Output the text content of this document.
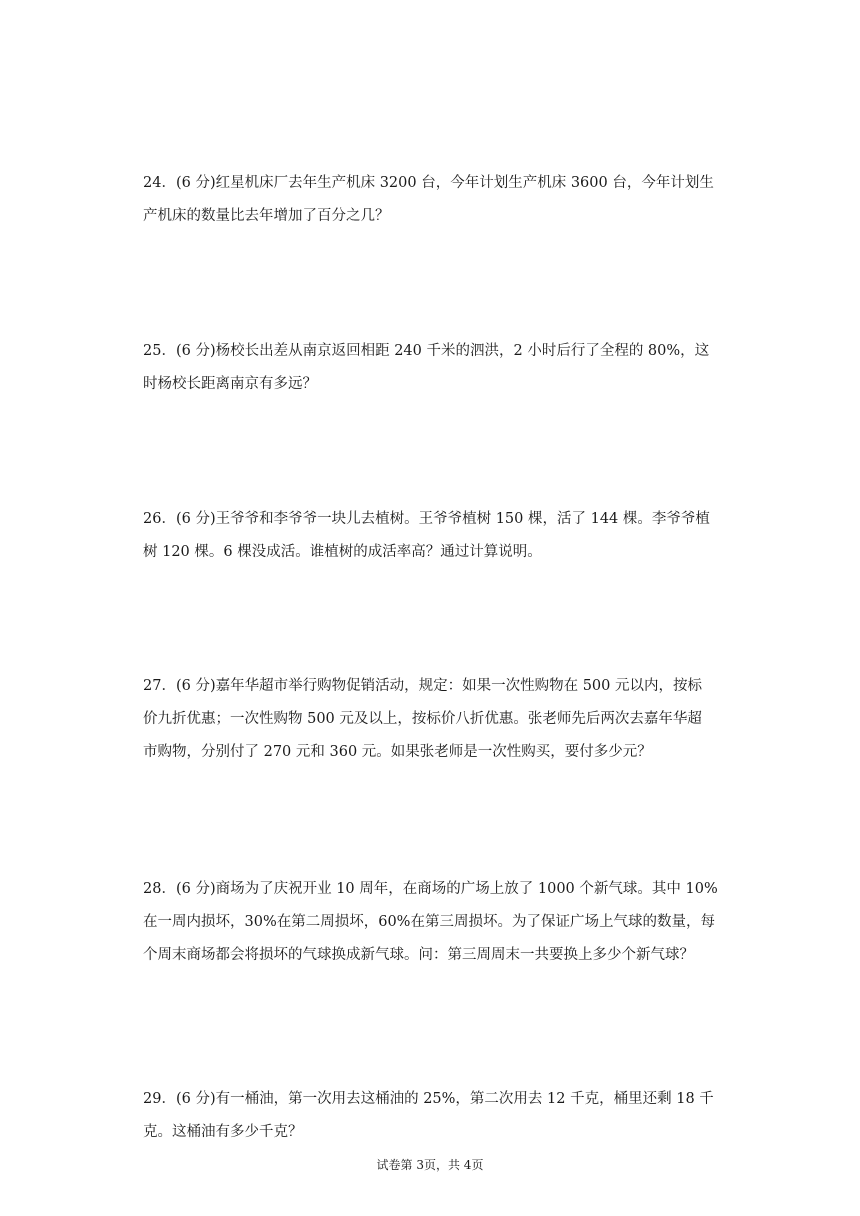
24．(6 分)红星机床厂去年生产机床 3200 台，今年计划生产机床 3600 台，今年计划生
产机床的数量比去年增加了百分之几？
25．(6 分)杨校长出差从南京返回相距 240 千米的泗洪，2 小时后行了全程的 80%，这
时杨校长距离南京有多远？
26．(6 分)王爷爷和李爷爷一块儿去植树。王爷爷植树 150 棵，活了 144 棵。李爷爷植
树 120 棵。6 棵没成活。谁植树的成活率高？通过计算说明。
27．(6 分)嘉年华超市举行购物促销活动，规定：如果一次性购物在 500 元以内，按标
价九折优惠；一次性购物 500 元及以上，按标价八折优惠。张老师先后两次去嘉年华超
市购物，分别付了 270 元和 360 元。如果张老师是一次性购买，要付多少元？
28．(6 分)商场为了庆祝开业 10 周年，在商场的广场上放了 1000 个新气球。其中 10%
在一周内损坏，30%在第二周损坏，60%在第三周损坏。为了保证广场上气球的数量，每
个周末商场都会将损坏的气球换成新气球。问：第三周周末一共要换上多少个新气球？
29．(6 分)有一桶油，第一次用去这桶油的 25%，第二次用去 12 千克，桶里还剩 18 千
克。这桶油有多少千克？
试卷第 3页，共 4页
